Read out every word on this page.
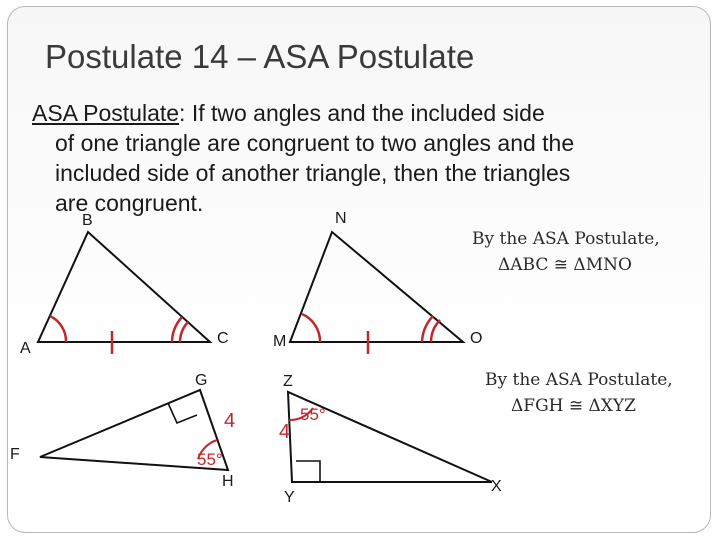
Postulate 14 – ASA Postulate
ASA Postulate: If two angles and the included side
of one triangle are congruent to two angles and the
included side of another triangle, then the triangles
are congruent.
B
A
C
N
M	O
G
F
H
Z
Y
X
4 4
55°
55°
By the ASA Postulate,
ΔABC ≅ ΔMNO
By the ASA Postulate,
ΔFGH ≅ ΔXYZ
